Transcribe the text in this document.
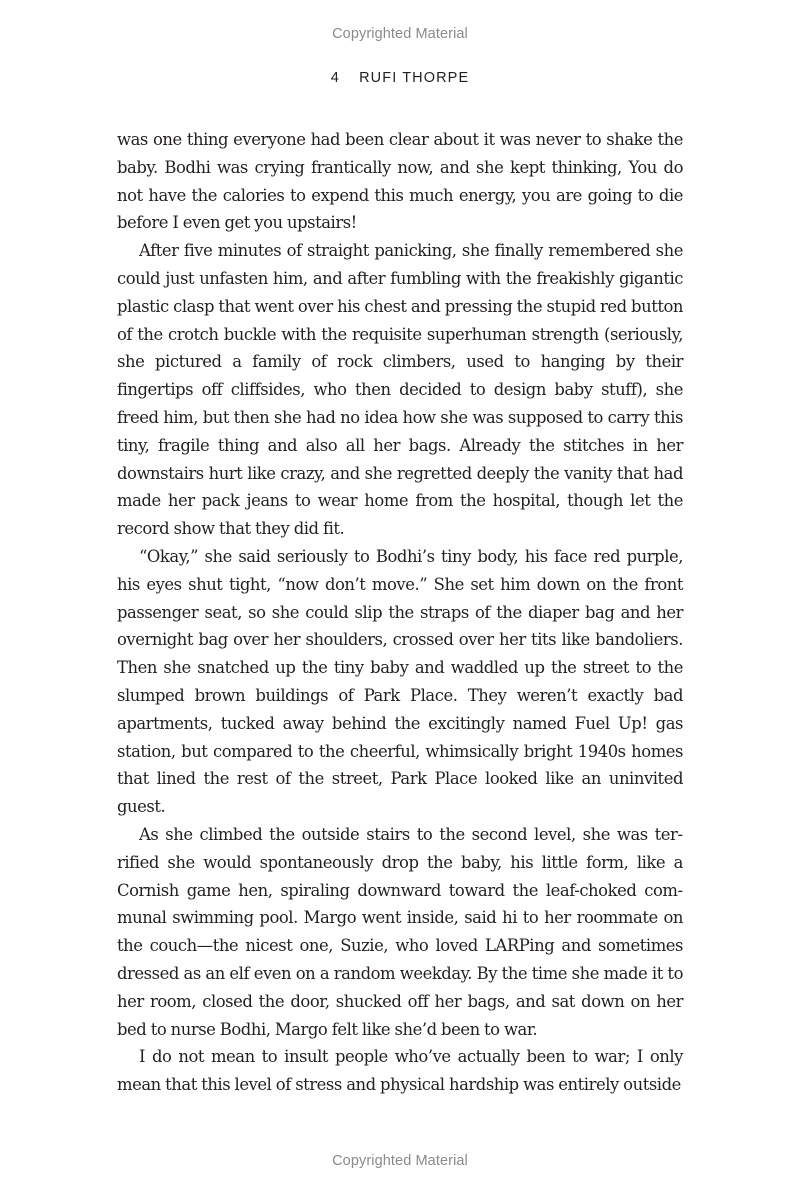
Copyrighted Material
4 RUFI THORPE

was one thing everyone had been clear about it was never to shake the baby. Bodhi was crying frantically now, and she kept thinking, You do not have the calories to expend this much energy, you are going to die before I even get you upstairs!

After five minutes of straight panicking, she finally remembered she could just unfasten him, and after fumbling with the freakishly gigantic plastic clasp that went over his chest and pressing the stupid red button of the crotch buckle with the requisite superhuman strength (seriously, she pictured a family of rock climbers, used to hanging by their fingertips off cliffsides, who then decided to design baby stuff), she freed him, but then she had no idea how she was supposed to carry this tiny, fragile thing and also all her bags. Already the stitches in her downstairs hurt like crazy, and she regretted deeply the vanity that had made her pack jeans to wear home from the hospital, though let the record show that they did fit.

“Okay,” she said seriously to Bodhi’s tiny body, his face red purple, his eyes shut tight, “now don’t move.” She set him down on the front passenger seat, so she could slip the straps of the diaper bag and her overnight bag over her shoulders, crossed over her tits like bandoliers. Then she snatched up the tiny baby and waddled up the street to the slumped brown buildings of Park Place. They weren’t exactly bad apartments, tucked away behind the excitingly named Fuel Up! gas station, but compared to the cheerful, whimsically bright 1940s homes that lined the rest of the street, Park Place looked like an uninvited guest.

As she climbed the outside stairs to the second level, she was terrified she would spontaneously drop the baby, his little form, like a Cornish game hen, spiraling downward toward the leaf-choked communal swimming pool. Margo went inside, said hi to her roommate on the couch—the nicest one, Suzie, who loved LARPing and sometimes dressed as an elf even on a random weekday. By the time she made it to her room, closed the door, shucked off her bags, and sat down on her bed to nurse Bodhi, Margo felt like she’d been to war.

I do not mean to insult people who’ve actually been to war; I only mean that this level of stress and physical hardship was entirely outside

Copyrighted Material
